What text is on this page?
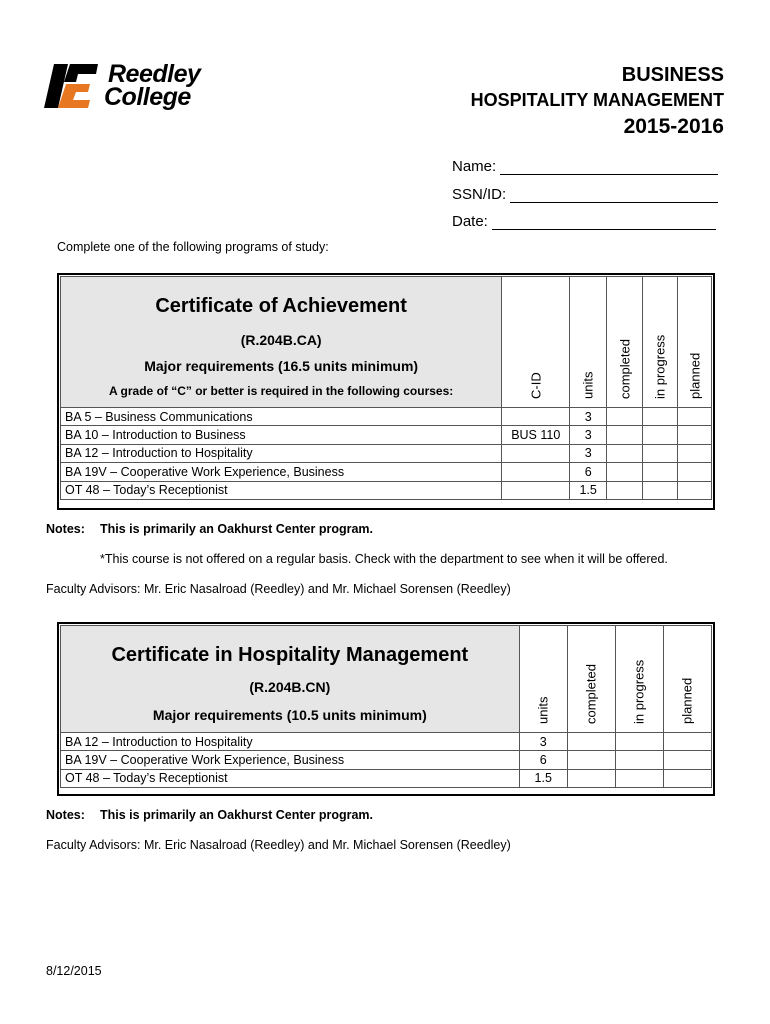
Reedley
College
BUSINESS
HOSPITALITY MANAGEMENT
2015-2016
Name:
SSN/ID:
Date:
Complete one of the following programs of study:
Certificate of Achievement
(R.204B.CA)
Major requirements (16.5 units minimum)
A grade of “C” or better is required in the following courses:	C-ID	units	completed	in progress	planned

BA 5 – Business Communications		3			
BA 10 – Introduction to Business	BUS 110	3			
BA 12 – Introduction to Hospitality		3			
BA 19V – Cooperative Work Experience, Business		6			
OT 48 – Today’s Receptionist		1.5			
Notes: This is primarily an Oakhurst Center program.
*This course is not offered on a regular basis. Check with the department to see when it will be offered.
Faculty Advisors: Mr. Eric Nasalroad (Reedley) and Mr. Michael Sorensen (Reedley)
Certificate in Hospitality Management
(R.204B.CN)
Major requirements (10.5 units minimum)	units	completed	in progress	planned

BA 12 – Introduction to Hospitality	3			
BA 19V – Cooperative Work Experience, Business	6			
OT 48 – Today’s Receptionist	1.5			
Notes: This is primarily an Oakhurst Center program.
Faculty Advisors: Mr. Eric Nasalroad (Reedley) and Mr. Michael Sorensen (Reedley)
8/12/2015
